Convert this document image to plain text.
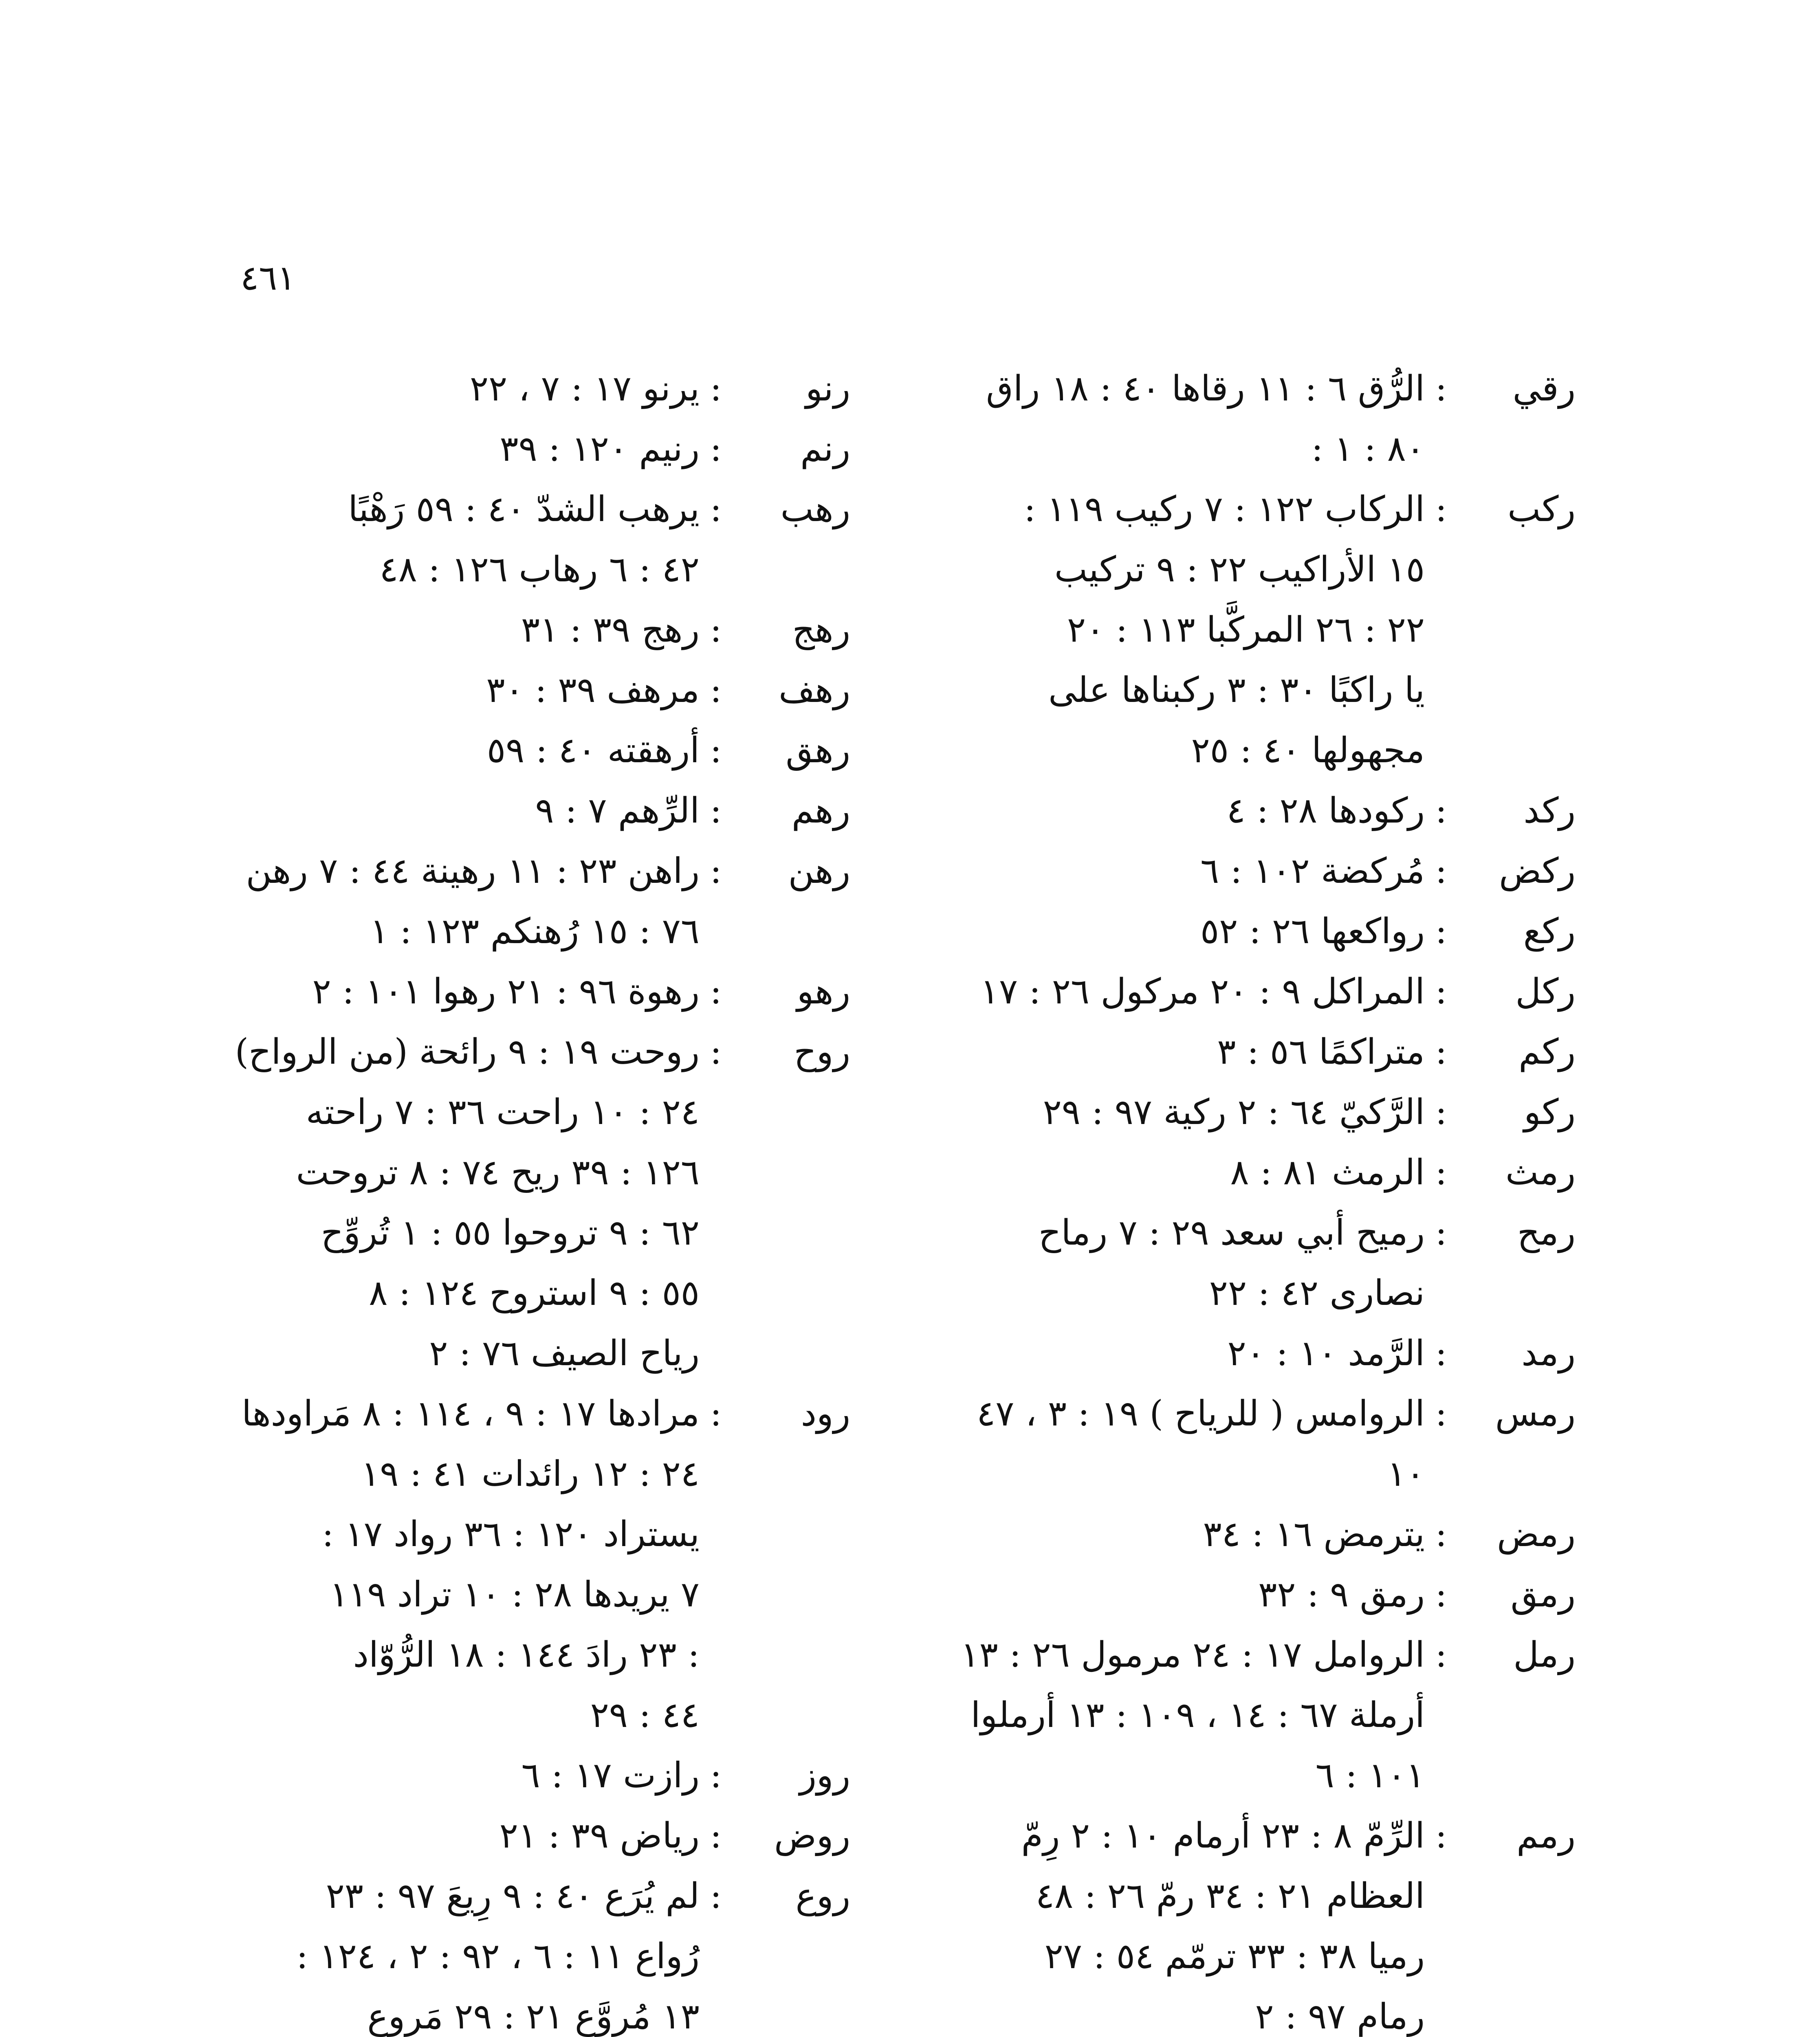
٤٦١
رقي
:
الرُّق ٦ : ١١ رقاها ٤٠ : ١٨ راق
٨٠ : ١ :
ركب
:
الركاب ١٢٢ : ٧ ركيب ١١٩ :
١٥ الأراكيب ٢٢ : ٩ تركيب
٢٢ : ٢٦ المركَّبا ١١٣ : ٢٠
يا راكبًا ٣٠ : ٣ ركبناها على
مجهولها ٤٠ : ٢٥
ركد
:
ركودها ٢٨ : ٤
ركض
:
مُركضة ١٠٢ : ٦
ركع
:
رواكعها ٢٦ : ٥٢
ركل
:
المراكل ٩ : ٢٠ مركول ٢٦ : ١٧
ركم
:
متراكمًا ٥٦ : ٣
ركو
:
الرَّكيّ ٦٤ : ٢ ركية ٩٧ : ٢٩
رمث
:
الرمث ٨١ : ٨
رمح
:
رميح أبي سعد ٢٩ : ٧ رماح
نصارى ٤٢ : ٢٢
رمد
:
الرَّمد ١٠ : ٢٠
رمس
:
الروامس ( للرياح ) ١٩ : ٣ ، ٤٧
١٠
رمض
:
يترمض ١٦ : ٣٤
رمق
:
رمق ٩ : ٣٢
رمل
:
الروامل ١٧ : ٢٤ مرمول ٢٦ : ١٣
أرملة ٦٧ : ١٤ ، ١٠٩ : ١٣ أرملوا
١٠١ : ٦
رمم
:
الرِّمّ ٨ : ٢٣ أرمام ١٠ : ٢ رِمّ
العظام ٢١ : ٣٤ رمّ ٢٦ : ٤٨
رميا ٣٨ : ٣٣ ترمّم ٥٤ : ٢٧
رمام ٩٧ : ٢
رنو
:
يرنو ١٧ : ٧ ، ٢٢
رنم
:
رنيم ١٢٠ : ٣٩
رهب
:
يرهب الشدّ ٤٠ : ٥٩ رَهْبًا
٤٢ : ٦ رهاب ١٢٦ : ٤٨
رهج
:
رهج ٣٩ : ٣١
رهف
:
مرهف ٣٩ : ٣٠
رهق
:
أرهقته ٤٠ : ٥٩
رهم
:
الرِّهم ٧ : ٩
رهن
:
راهن ٢٣ : ١١ رهينة ٤٤ : ٧ رهن
٧٦ : ١٥ رُهنكم ١٢٣ : ١
رهو
:
رهوة ٩٦ : ٢١ رهوا ١٠١ : ٢
روح
:
روحت ١٩ : ٩ رائحة (من الرواح)
٢٤ : ١٠ راحت ٣٦ : ٧ راحته
١٢٦ : ٣٩ ريح ٧٤ : ٨ تروحت
٦٢ : ٩ تروحوا ٥٥ : ١ تُروِّح
٥٥ : ٩ استروح ١٢٤ : ٨
رياح الصيف ٧٦ : ٢
رود
:
مرادها ١٧ : ٩ ، ١١٤ : ٨ مَراودها
٢٤ : ١٢ رائدات ٤١ : ١٩
يستراد ١٢٠ : ٣٦ رواد ١٧ :
٧ يريدها ٢٨ : ١٠ تراد ١١٩
: ٢٣ رادَ ١٤٤ : ١٨ الرُّوّاد
٤٤ : ٢٩
روز
:
رازت ١٧ : ٦
روض
:
رياض ٣٩ : ٢١
روع
:
لم يُرَع ٤٠ : ٩ رِيعَ ٩٧ : ٢٣
رُواع ١١ : ٦ ، ٩٢ : ٢ ، ١٢٤ :
١٣ مُروَّع ٢١ : ٢٩ مَروع
